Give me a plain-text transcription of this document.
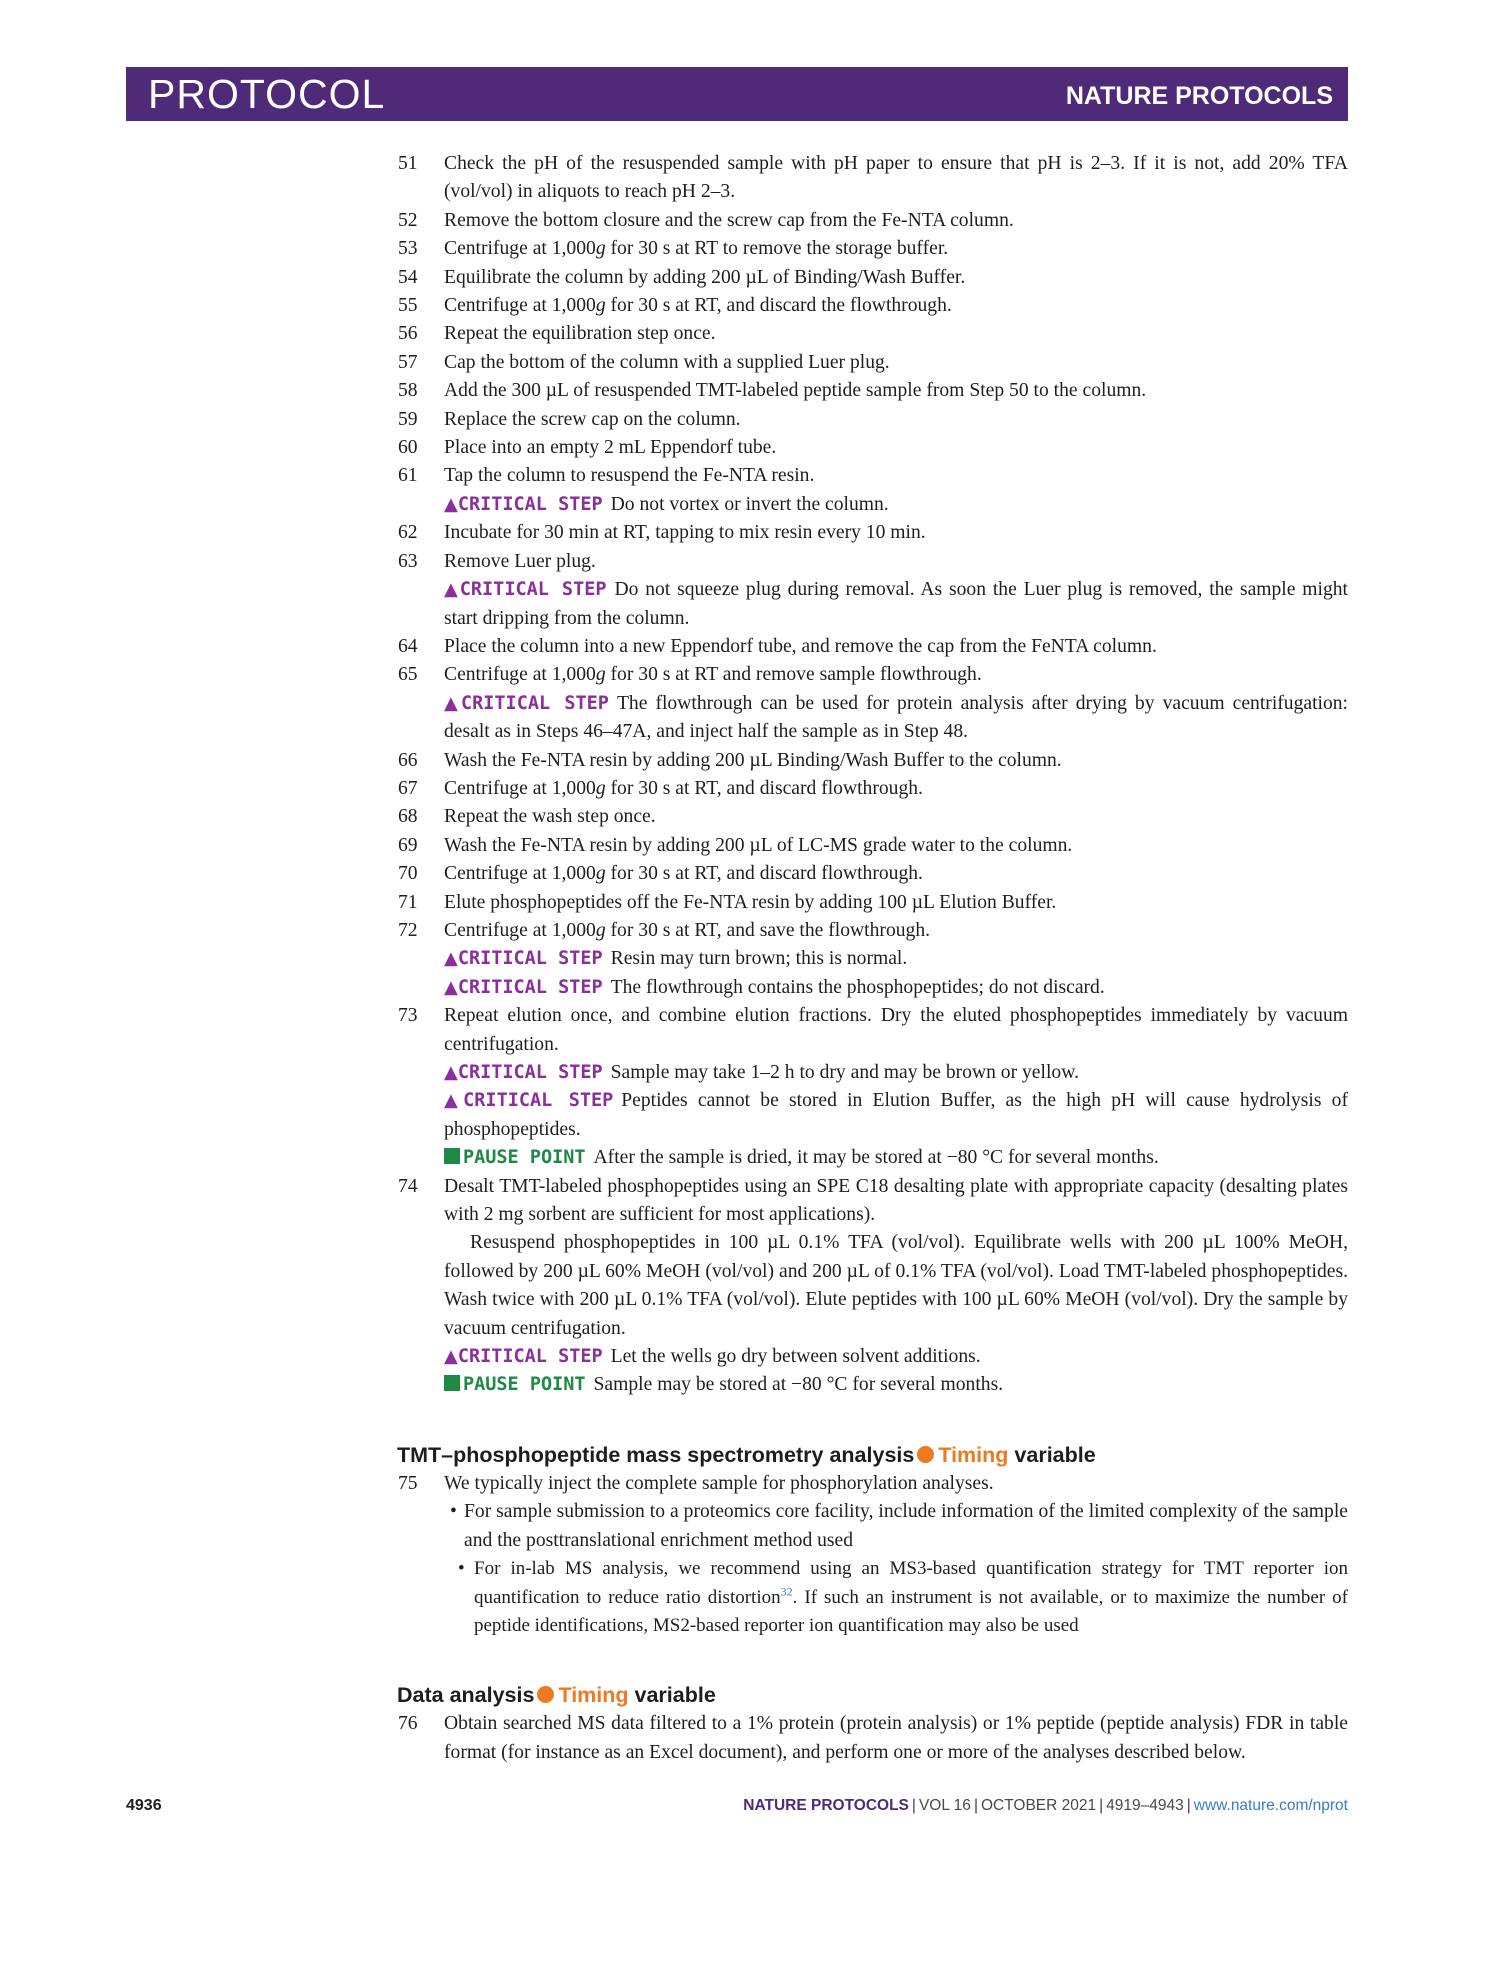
PROTOCOL	NATURE PROTOCOLS
51 Check the pH of the resuspended sample with pH paper to ensure that pH is 2–3. If it is not, add 20% TFA (vol/vol) in aliquots to reach pH 2–3.
52 Remove the bottom closure and the screw cap from the Fe-NTA column.
53 Centrifuge at 1,000g for 30 s at RT to remove the storage buffer.
54 Equilibrate the column by adding 200 µL of Binding/Wash Buffer.
55 Centrifuge at 1,000g for 30 s at RT, and discard the flowthrough.
56 Repeat the equilibration step once.
57 Cap the bottom of the column with a supplied Luer plug.
58 Add the 300 µL of resuspended TMT-labeled peptide sample from Step 50 to the column.
59 Replace the screw cap on the column.
60 Place into an empty 2 mL Eppendorf tube.
61 Tap the column to resuspend the Fe-NTA resin.
▲CRITICAL STEP Do not vortex or invert the column.
62 Incubate for 30 min at RT, tapping to mix resin every 10 min.
63 Remove Luer plug.
▲CRITICAL STEP Do not squeeze plug during removal. As soon the Luer plug is removed, the sample might start dripping from the column.
64 Place the column into a new Eppendorf tube, and remove the cap from the FeNTA column.
65 Centrifuge at 1,000g for 30 s at RT and remove sample flowthrough.
▲CRITICAL STEP The flowthrough can be used for protein analysis after drying by vacuum centrifugation: desalt as in Steps 46–47A, and inject half the sample as in Step 48.
66 Wash the Fe-NTA resin by adding 200 µL Binding/Wash Buffer to the column.
67 Centrifuge at 1,000g for 30 s at RT, and discard flowthrough.
68 Repeat the wash step once.
69 Wash the Fe-NTA resin by adding 200 µL of LC-MS grade water to the column.
70 Centrifuge at 1,000g for 30 s at RT, and discard flowthrough.
71 Elute phosphopeptides off the Fe-NTA resin by adding 100 µL Elution Buffer.
72 Centrifuge at 1,000g for 30 s at RT, and save the flowthrough.
▲CRITICAL STEP Resin may turn brown; this is normal.
▲CRITICAL STEP The flowthrough contains the phosphopeptides; do not discard.
73 Repeat elution once, and combine elution fractions. Dry the eluted phosphopeptides immediately by vacuum centrifugation.
▲CRITICAL STEP Sample may take 1–2 h to dry and may be brown or yellow.
▲CRITICAL STEP Peptides cannot be stored in Elution Buffer, as the high pH will cause hydrolysis of phosphopeptides.
PAUSE POINT After the sample is dried, it may be stored at −80 °C for several months.
74 Desalt TMT-labeled phosphopeptides using an SPE C18 desalting plate with appropriate capacity (desalting plates with 2 mg sorbent are sufficient for most applications).
Resuspend phosphopeptides in 100 µL 0.1% TFA (vol/vol). Equilibrate wells with 200 µL 100% MeOH, followed by 200 µL 60% MeOH (vol/vol) and 200 µL of 0.1% TFA (vol/vol). Load TMT-labeled phosphopeptides. Wash twice with 200 µL 0.1% TFA (vol/vol). Elute peptides with 100 µL 60% MeOH (vol/vol). Dry the sample by vacuum centrifugation.
▲CRITICAL STEP Let the wells go dry between solvent additions.
PAUSE POINT Sample may be stored at −80 °C for several months.
TMT–phosphopeptide mass spectrometry analysis Timing variable
75 We typically inject the complete sample for phosphorylation analyses.
• For sample submission to a proteomics core facility, include information of the limited complexity of the sample and the posttranslational enrichment method used
• For in-lab MS analysis, we recommend using an MS3-based quantification strategy for TMT reporter ion quantification to reduce ratio distortion$^{32}$. If such an instrument is not available, or to maximize the number of peptide identifications, MS2-based reporter ion quantification may also be used
Data analysis Timing variable
76 Obtain searched MS data filtered to a 1% protein (protein analysis) or 1% peptide (peptide analysis) FDR in table format (for instance as an Excel document), and perform one or more of the analyses described below.
4936	NATURE PROTOCOLS | VOL 16 | OCTOBER 2021 | 4919–4943 | www.nature.com/nprot
